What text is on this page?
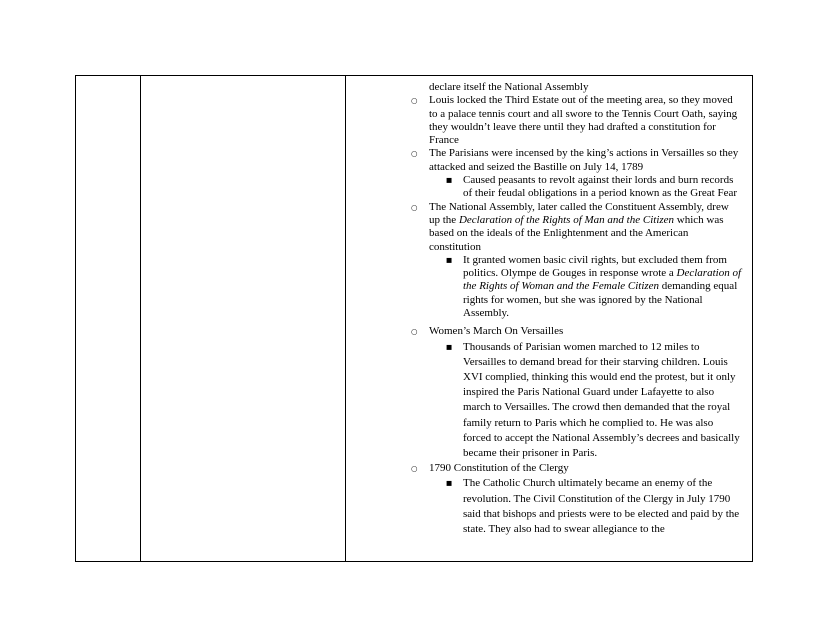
declare itself the National Assembly
○ Louis locked the Third Estate out of the meeting area, so they moved to a palace tennis court and all swore to the Tennis Court Oath, saying they wouldn’t leave there until they had drafted a constitution for France
○ The Parisians were incensed by the king’s actions in Versailles so they attacked and seized the Bastille on July 14, 1789
■ Caused peasants to revolt against their lords and burn records of their feudal obligations in a period known as the Great Fear
○ The National Assembly, later called the Constituent Assembly, drew up the Declaration of the Rights of Man and the Citizen which was based on the ideals of the Enlightenment and the American constitution
■ It granted women basic civil rights, but excluded them from politics. Olympe de Gouges in response wrote a Declaration of the Rights of Woman and the Female Citizen demanding equal rights for women, but she was ignored by the National Assembly.
○ Women’s March On Versailles
■ Thousands of Parisian women marched to 12 miles to Versailles to demand bread for their starving children. Louis XVI complied, thinking this would end the protest, but it only inspired the Paris National Guard under Lafayette to also march to Versailles. The crowd then demanded that the royal family return to Paris which he complied to. He was also forced to accept the National Assembly’s decrees and basically became their prisoner in Paris.
○ 1790 Constitution of the Clergy
■ The Catholic Church ultimately became an enemy of the revolution. The Civil Constitution of the Clergy in July 1790 said that bishops and priests were to be elected and paid by the state. They also had to swear allegiance to the
